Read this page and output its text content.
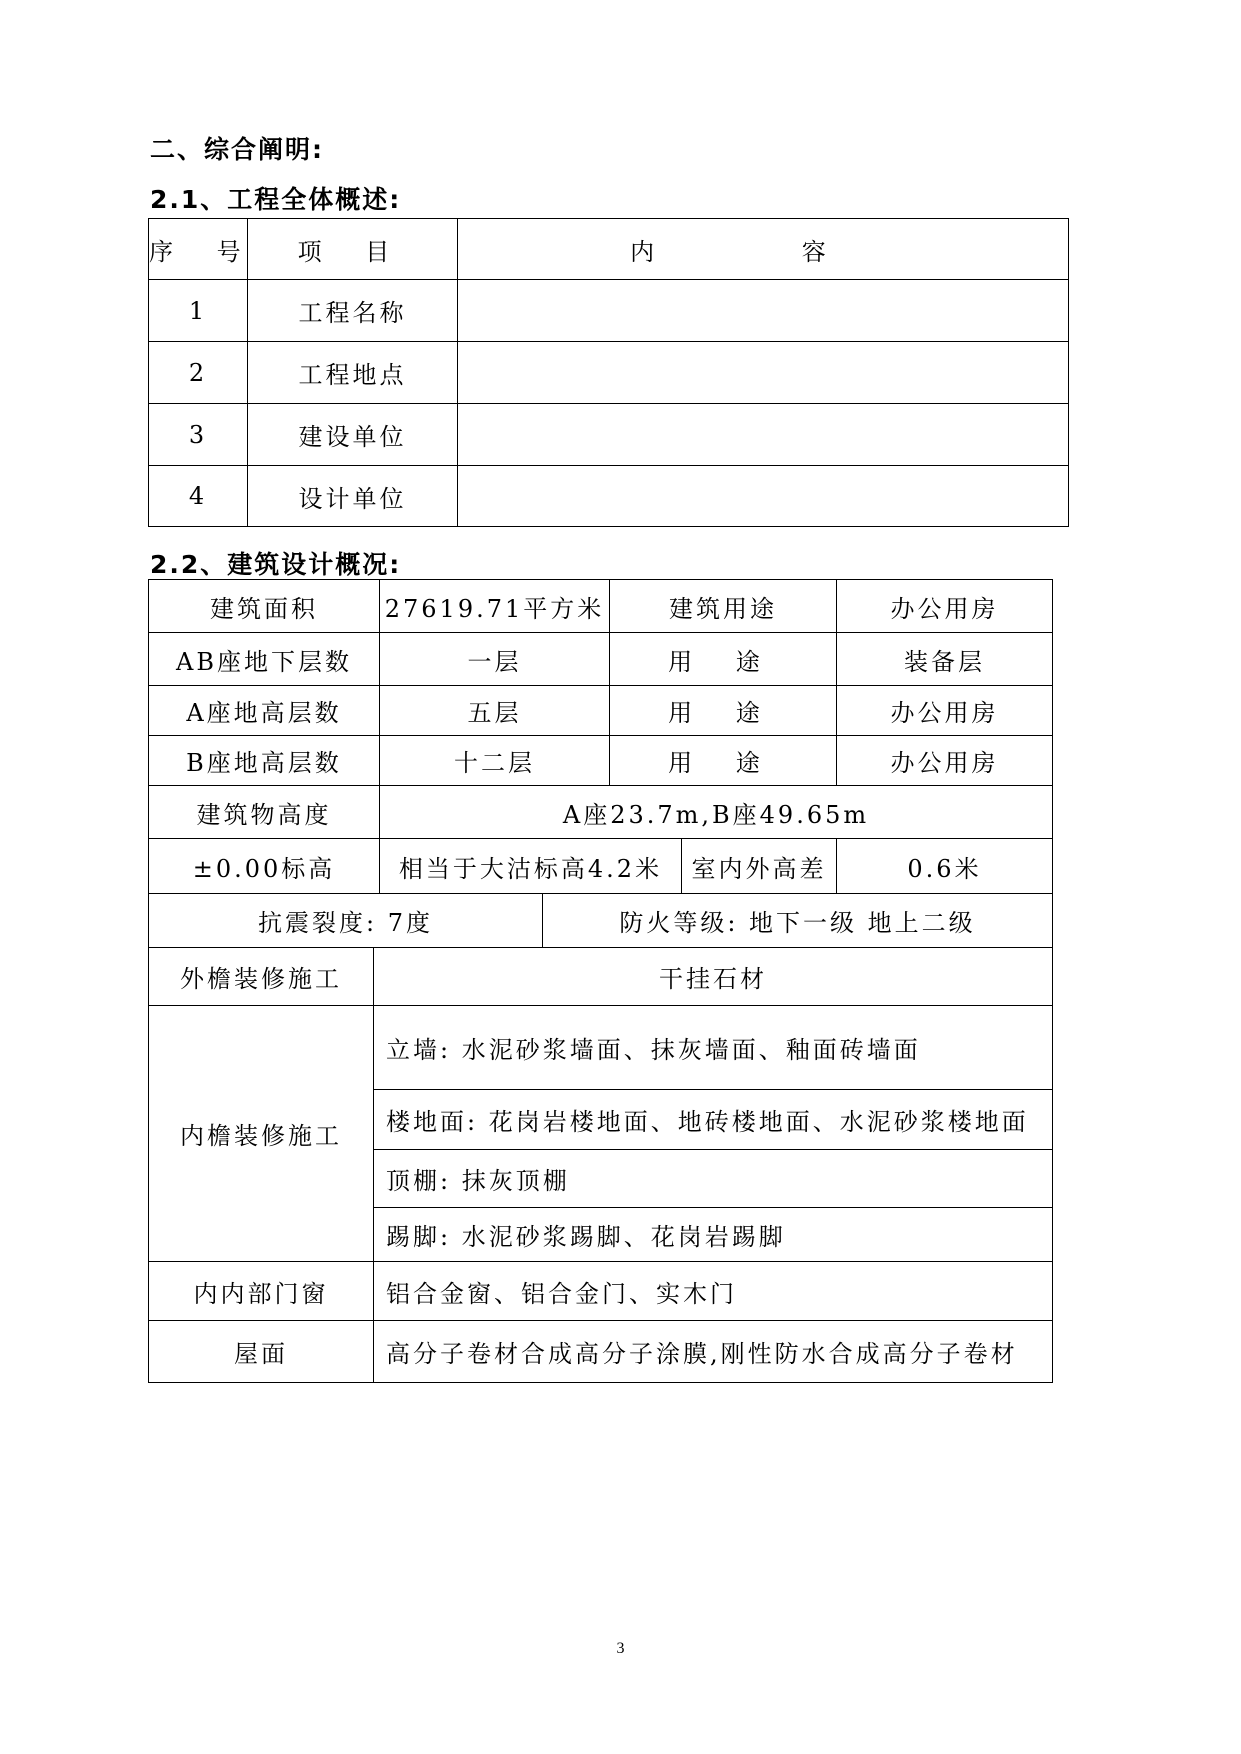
二、综合阐明:

2.1、工程全体概述:

序 号	项 目	内 容
1	工程名称	
2	工程地点	
3	建设单位	
4	设计单位	

2.2、建筑设计概况:

建筑面积	27619.71平方米	建筑用途	办公用房
AB座地下层数	一层	用 途	装备层
A座地高层数	五层	用 途	办公用房
B座地高层数	十二层	用 途	办公用房
建筑物高度	A座23.7m,B座49.65m		
±0.00标高	相当于大沽标高4.2米	室内外高差	0.6米
抗震裂度: 7度	防火等级: 地下一级 地上二级
外檐装修施工	干挂石材
内檐装修施工	立墙: 水泥砂浆墙面、抹灰墙面、釉面砖墙面
	楼地面: 花岗岩楼地面、地砖楼地面、水泥砂浆楼地面
	顶棚: 抹灰顶棚
	踢脚: 水泥砂浆踢脚、花岗岩踢脚
内内部门窗	铝合金窗、铝合金门、实木门
屋面	高分子卷材合成高分子涂膜,刚性防水合成高分子卷材
3
